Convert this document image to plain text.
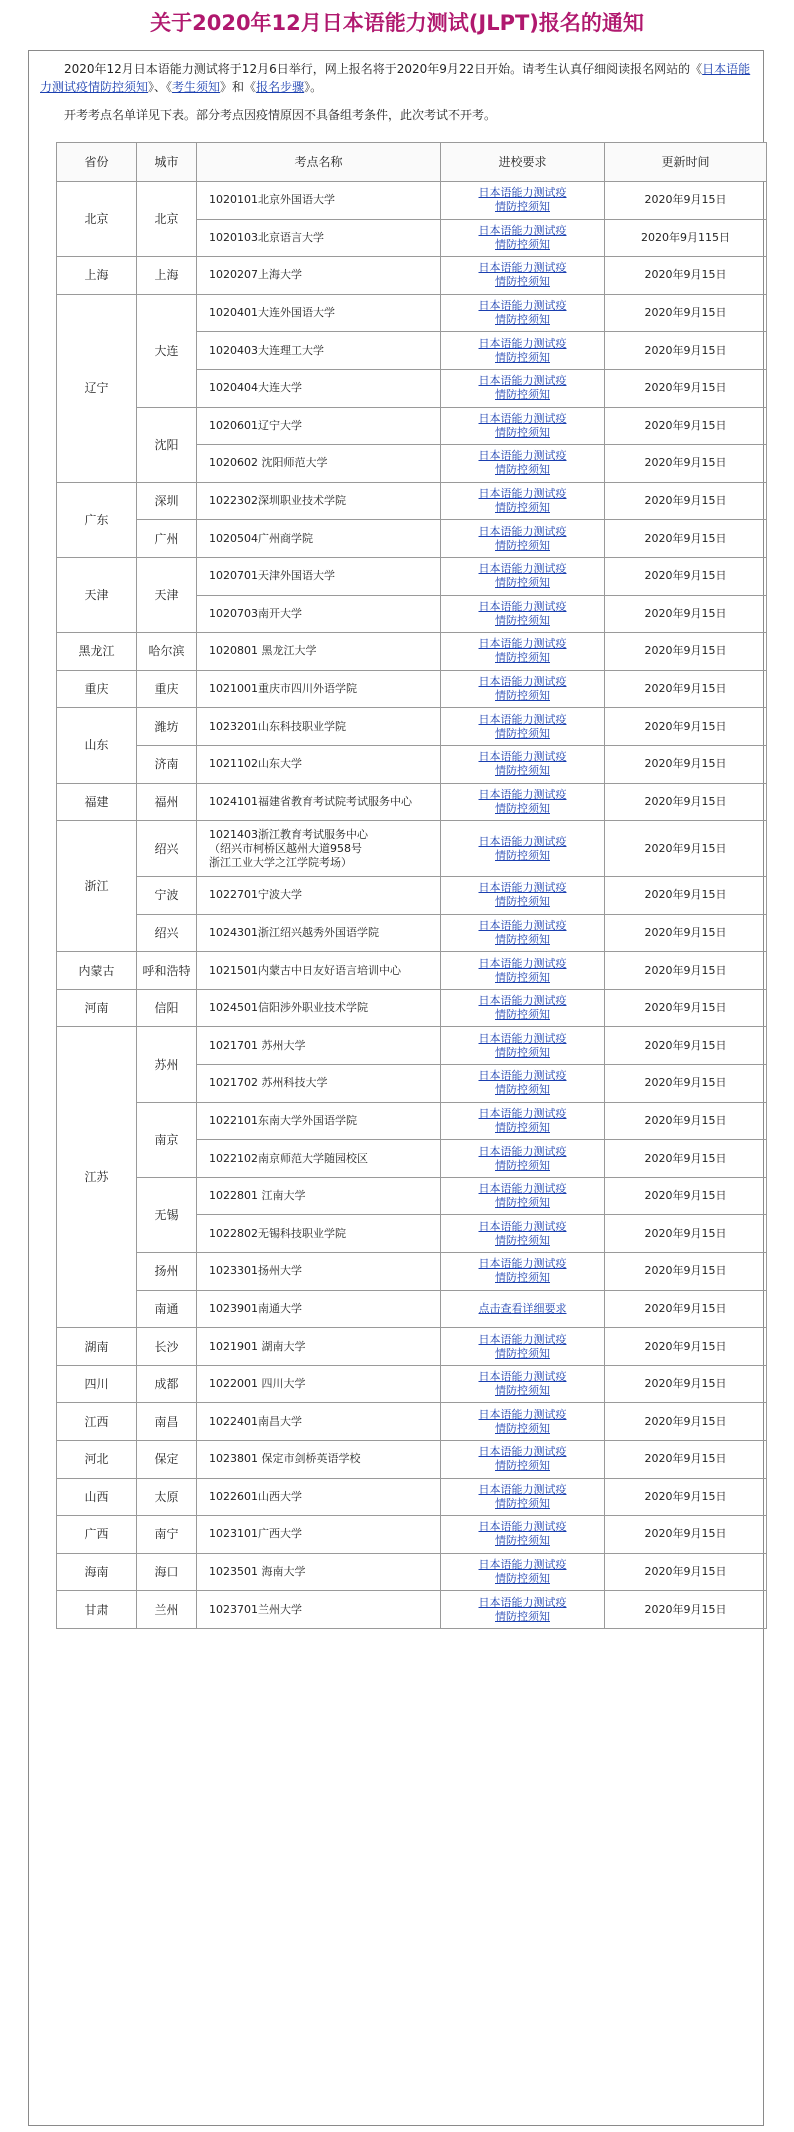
关于2020年12月日本语能力测试(JLPT)报名的通知

2020年12月日本语能力测试将于12月6日举行，网上报名将于2020年9月22日开始。请考生认真仔细阅读报名网站的《日本语能力测试疫情防控须知》、《考生须知》和《报名步骤》。

开考考点名单详见下表。部分考点因疫情原因不具备组考条件，此次考试不开考。

省份	城市	考点名称	进校要求	更新时间
北京	北京	1020101北京外国语大学	日本语能力测试疫情防控须知	2020年9月15日
		1020103北京语言大学	日本语能力测试疫情防控须知	2020年9月115日
上海	上海	1020207上海大学	日本语能力测试疫情防控须知	2020年9月15日
辽宁	大连	1020401大连外国语大学	日本语能力测试疫情防控须知	2020年9月15日
		1020403大连理工大学	日本语能力测试疫情防控须知	2020年9月15日
		1020404大连大学	日本语能力测试疫情防控须知	2020年9月15日
	沈阳	1020601辽宁大学	日本语能力测试疫情防控须知	2020年9月15日
		1020602 沈阳师范大学	日本语能力测试疫情防控须知	2020年9月15日
广东	深圳	1022302深圳职业技术学院	日本语能力测试疫情防控须知	2020年9月15日
	广州	1020504广州商学院	日本语能力测试疫情防控须知	2020年9月15日
天津	天津	1020701天津外国语大学	日本语能力测试疫情防控须知	2020年9月15日
		1020703南开大学	日本语能力测试疫情防控须知	2020年9月15日
黑龙江	哈尔滨	1020801 黑龙江大学	日本语能力测试疫情防控须知	2020年9月15日
重庆	重庆	1021001重庆市四川外语学院	日本语能力测试疫情防控须知	2020年9月15日
山东	潍坊	1023201山东科技职业学院	日本语能力测试疫情防控须知	2020年9月15日
	济南	1021102山东大学	日本语能力测试疫情防控须知	2020年9月15日
福建	福州	1024101福建省教育考试院考试服务中心	日本语能力测试疫情防控须知	2020年9月15日
浙江	绍兴	1021403浙江教育考试服务中心
（绍兴市柯桥区越州大道958号
浙江工业大学之江学院考场）	日本语能力测试疫情防控须知	2020年9月15日
	宁波	1022701宁波大学	日本语能力测试疫情防控须知	2020年9月15日
	绍兴	1024301浙江绍兴越秀外国语学院	日本语能力测试疫情防控须知	2020年9月15日
内蒙古	呼和浩特	1021501内蒙古中日友好语言培训中心	日本语能力测试疫情防控须知	2020年9月15日
河南	信阳	1024501信阳涉外职业技术学院	日本语能力测试疫情防控须知	2020年9月15日
江苏	苏州	1021701 苏州大学	日本语能力测试疫情防控须知	2020年9月15日
		1021702 苏州科技大学	日本语能力测试疫情防控须知	2020年9月15日
	南京	1022101东南大学外国语学院	日本语能力测试疫情防控须知	2020年9月15日
		1022102南京师范大学随园校区	日本语能力测试疫情防控须知	2020年9月15日
	无锡	1022801 江南大学	日本语能力测试疫情防控须知	2020年9月15日
		1022802无锡科技职业学院	日本语能力测试疫情防控须知	2020年9月15日
	扬州	1023301扬州大学	日本语能力测试疫情防控须知	2020年9月15日
	南通	1023901南通大学	点击查看详细要求	2020年9月15日
湖南	长沙	1021901 湖南大学	日本语能力测试疫情防控须知	2020年9月15日
四川	成都	1022001 四川大学	日本语能力测试疫情防控须知	2020年9月15日
江西	南昌	1022401南昌大学	日本语能力测试疫情防控须知	2020年9月15日
河北	保定	1023801 保定市剑桥英语学校	日本语能力测试疫情防控须知	2020年9月15日
山西	太原	1022601山西大学	日本语能力测试疫情防控须知	2020年9月15日
广西	南宁	1023101广西大学	日本语能力测试疫情防控须知	2020年9月15日
海南	海口	1023501 海南大学	日本语能力测试疫情防控须知	2020年9月15日
甘肃	兰州	1023701兰州大学	日本语能力测试疫情防控须知	2020年9月15日
